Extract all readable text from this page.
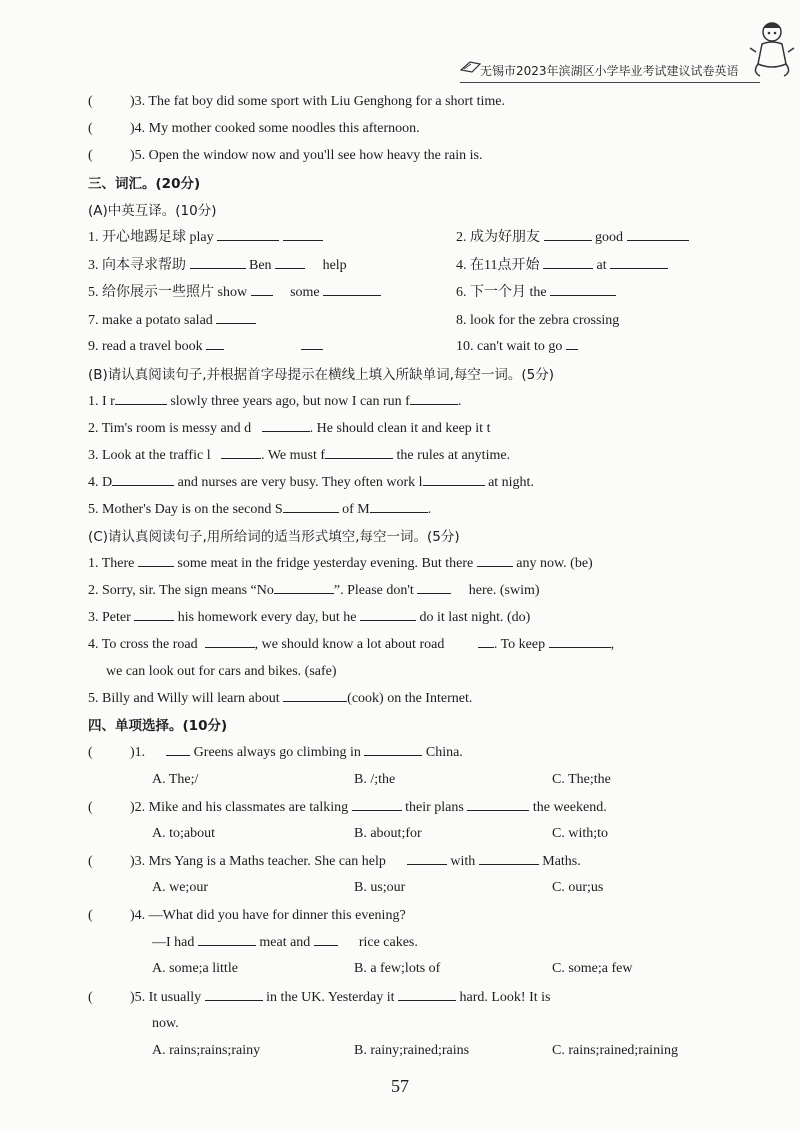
无锡市2023年滨湖区小学毕业考试建议试卷英语
(	)3. The fat boy did some sport with Liu Genghong for a short time.
(	)4. My mother cooked some noodles this afternoon.
(	)5. Open the window now and you'll see how heavy the rain is.
三、词汇。(20分)
(A)中英互译。(10分)
1. 开心地踢足球 play	2. 成为好朋友	good
3. 向本寻求帮助	Ben	help	4. 在11点开始	at
5. 给你展示一些照片 show	some	6. 下一个月 the
7. make a potato salad	8. look for the zebra crossing
9. read a travel book	10. can't wait to go
(B)请认真阅读句子,并根据首字母提示在横线上填入所缺单词,每空一词。(5分)
1. I r	slowly three years ago, but now I can run f	.
2. Tim's room is messy and d	. He should clean it and keep it t
3. Look at the traffic l	. We must f	the rules at anytime.
4. D	and nurses are very busy. They often work l	at night.
5. Mother's Day is on the second S	of M	.
(C)请认真阅读句子,用所给词的适当形式填空,每空一词。(5分)
1. There	some meat in the fridge yesterday evening. But there	any now. (be)
2. Sorry, sir. The sign means “No	”. Please don't	here. (swim)
3. Peter	his homework every day, but he	do it last night. (do)
4. To cross the road	, we should know a lot about road	. To keep	,
we can look out for cars and bikes. (safe)
5. Billy and Willy will learn about	(cook) on the Internet.
四、单项选择。(10分)
(	)1.	Greens always go climbing in	China.
A. The;/	B. /;the	C. The;the
(	)2. Mike and his classmates are talking	their plans	the weekend.
A. to;about	B. about;for	C. with;to
(	)3. Mrs Yang is a Maths teacher. She can help	with	Maths.
A. we;our	B. us;our	C. our;us
(	)4. —What did you have for dinner this evening?
—I had	meat and	rice cakes.
A. some;a little	B. a few;lots of	C. some;a few
(	)5. It usually	in the UK. Yesterday it	hard. Look! It is
now.
A. rains;rains;rainy	B. rainy;rained;rains	C. rains;rained;raining
57
